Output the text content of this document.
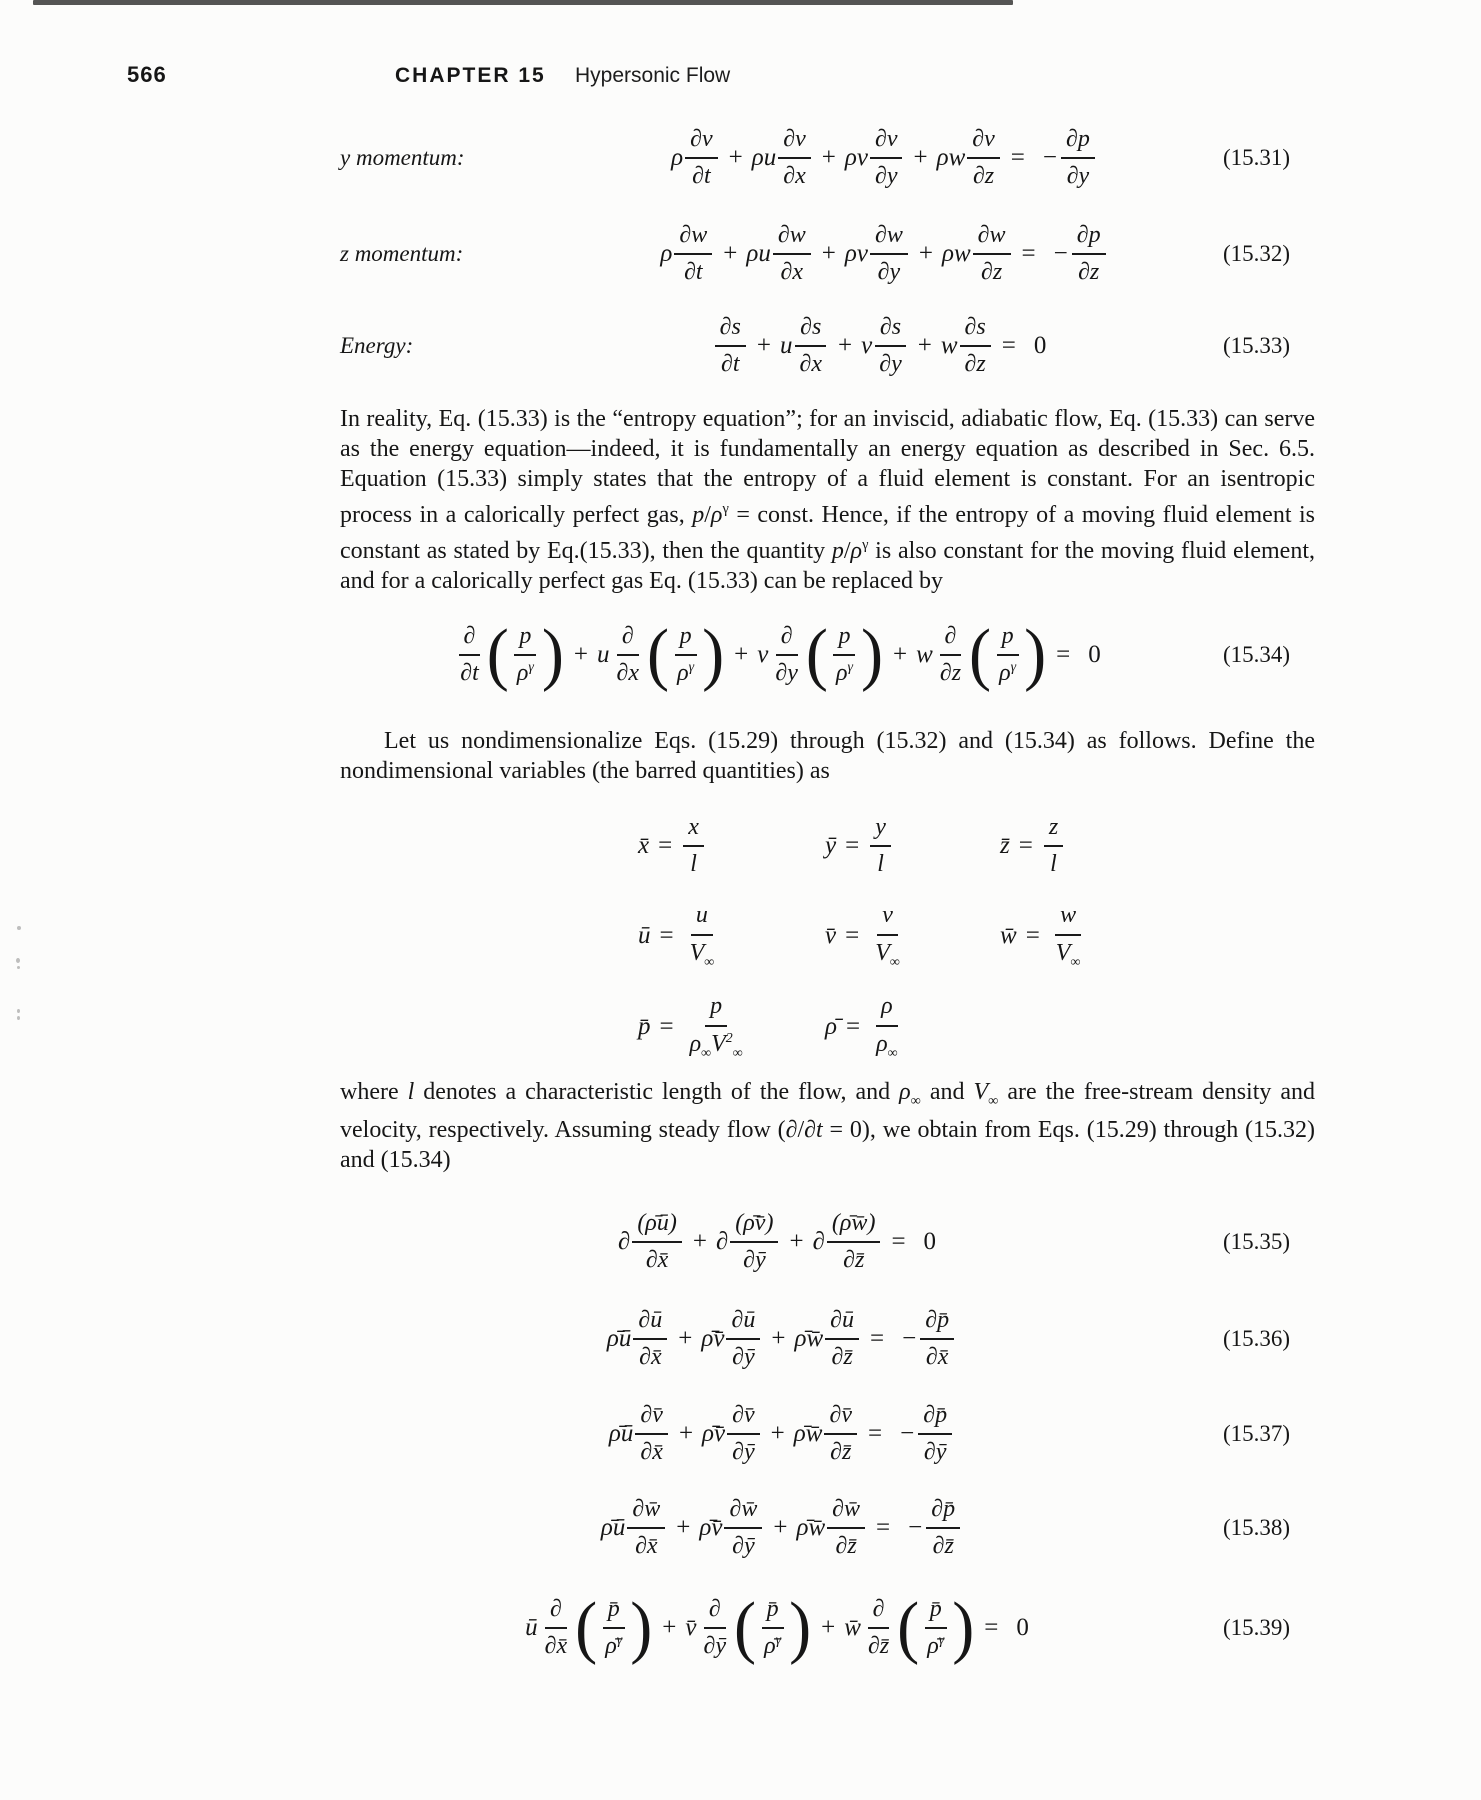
566	CHAPTER 15 Hypersonic Flow
y momentum:	ρ $\frac{\partial v}{\partial t} + \rho u \frac{\partial v}{\partial x} + \rho v \frac{\partial v}{\partial y} + \rho w \frac{\partial v}{\partial z}$ = − $\frac{\partial p}{\partial y}$	(15.31)
z momentum:	ρ $\frac{\partial w}{\partial t} + \rho u \frac{\partial w}{\partial x} + \rho v \frac{\partial w}{\partial y} + \rho w \frac{\partial w}{\partial z}$ = − $\frac{\partial p}{\partial z}$	(15.32)
Energy:	$\frac{\partial s}{\partial t} + u \frac{\partial s}{\partial x} + v \frac{\partial s}{\partial y} + w \frac{\partial s}{\partial z} = 0$	(15.33)

In reality, Eq. (15.33) is the “entropy equation”; for an inviscid, adiabatic flow, Eq. (15.33) can serve as the energy equation—indeed, it is fundamentally an energy equation as described in Sec. 6.5. Equation (15.33) simply states that the entropy of a fluid element is constant. For an isentropic process in a calorically perfect gas, $p/\rho^\gamma$ = const. Hence, if the entropy of a moving fluid element is constant as stated by Eq.(15.33), then the quantity $p/\rho^\gamma$ is also constant for the moving fluid element, and for a calorically perfect gas Eq. (15.33) can be replaced by

$\frac{\partial}{\partial t}$ ( $\frac{p}{\rho^\gamma}$ ) + u $\frac{\partial}{\partial x}$ ( $\frac{p}{\rho^\gamma}$ ) + v $\frac{\partial}{\partial y}$ ( $\frac{p}{\rho^\gamma}$ ) + w $\frac{\partial}{\partial z}$ ( $\frac{p}{\rho^\gamma}$ ) = 0	(15.34)

Let us nondimensionalize Eqs. (15.29) through (15.32) and (15.34) as follows. Define the nondimensional variables (the barred quantities) as

x̄ = $\frac{x}{l}$	ȳ = $\frac{y}{l}$	z̄ = $\frac{z}{l}$
ū = $\frac{u}{V_\infty}$	v̄ = $\frac{v}{V_\infty}$	w̄ = $\frac{w}{V_\infty}$
p̄ = $\frac{p}{\rho_\infty V^2_\infty}$	ρ̄ = $\frac{\rho}{\rho_\infty}$

where l denotes a characteristic length of the flow, and $\rho_\infty$ and $V_\infty$ are the free-stream density and velocity, respectively. Assuming steady flow (∂/∂t = 0), we obtain from Eqs. (15.29) through (15.32) and (15.34)

∂ $\frac{(\rhōū)}{\partial x̄}$ + ∂ $\frac{(\rhōv̄)}{\partial ȳ}$ + ∂ $\frac{(\rhōw̄)}{\partial z̄} = 0$	(15.35)
ρ̄ū $\frac{\partial ū}{\partial x̄}$ + ρ̄v̄ $\frac{\partial ū}{\partial ȳ}$ + ρ̄w̄ $\frac{\partial ū}{\partial z̄}$ = − $\frac{\partial p̄}{\partial x̄}$	(15.36)
ρ̄ū $\frac{\partial v̄}{\partial x̄}$ + ρ̄v̄ $\frac{\partial v̄}{\partial ȳ}$ + ρ̄w̄ $\frac{\partial v̄}{\partial z̄}$ = − $\frac{\partial p̄}{\partial ȳ}$	(15.37)
ρ̄ū $\frac{\partial w̄}{\partial x̄}$ + ρ̄v̄ $\frac{\partial w̄}{\partial ȳ}$ + ρ̄w̄ $\frac{\partial w̄}{\partial z̄}$ = − $\frac{\partial p̄}{\partial z̄}$	(15.38)
ū $\frac{\partial}{\partial x̄}$ ( $\frac{p̄}{\rhō^\gamma}$ ) + v̄ $\frac{\partial}{\partial ȳ}$ ( $\frac{p̄}{\rhō^\gamma}$ ) + w̄ $\frac{\partial}{\partial z̄}$ ( $\frac{p̄}{\rhō^\gamma}$ ) = 0	(15.39)
